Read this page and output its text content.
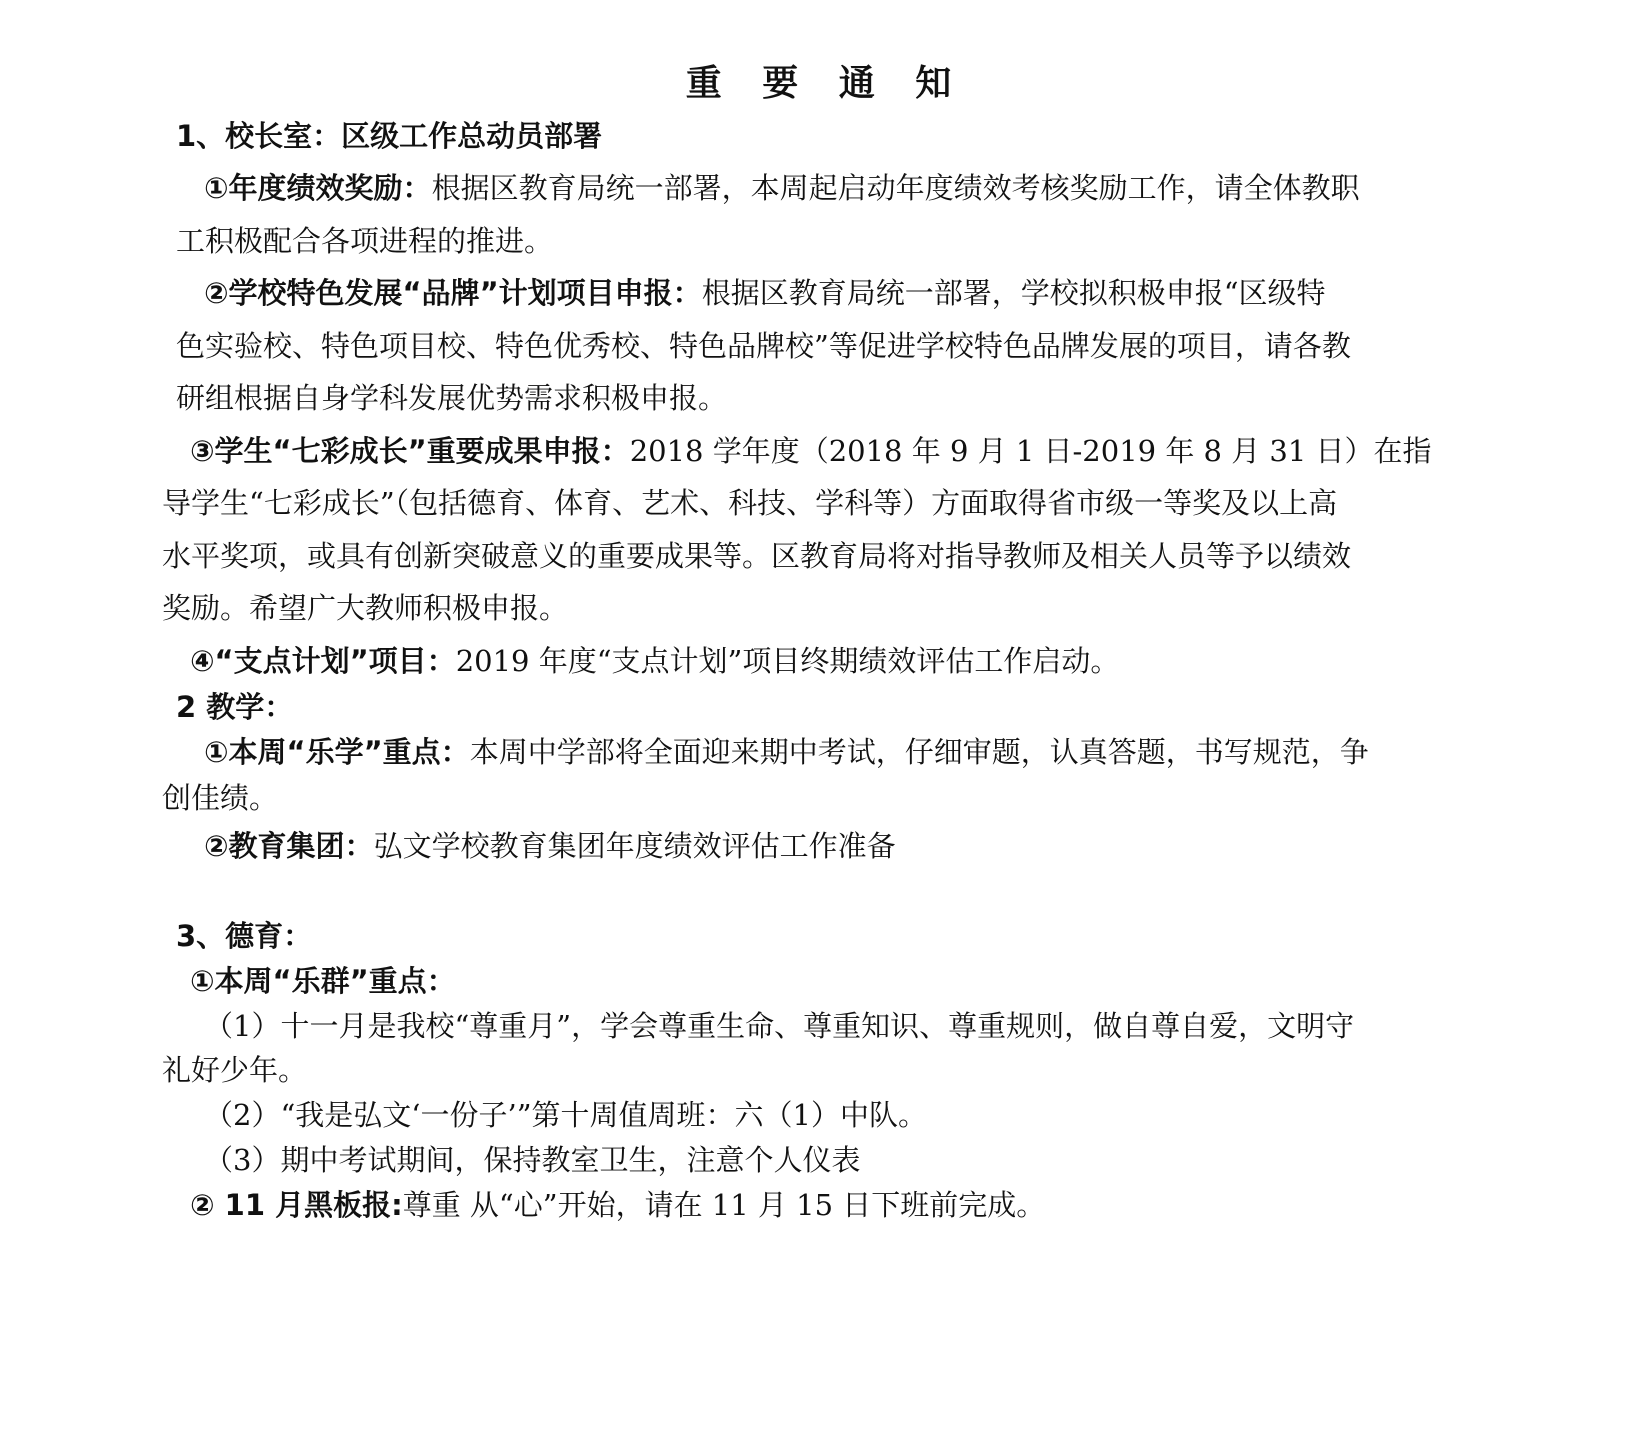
重 要 通 知
1、校长室：区级工作总动员部署
①年度绩效奖励：根据区教育局统一部署，本周起启动年度绩效考核奖励工作，请全体教职
工积极配合各项进程的推进。
②学校特色发展“品牌”计划项目申报：根据区教育局统一部署，学校拟积极申报“区级特
色实验校、特色项目校、特色优秀校、特色品牌校”等促进学校特色品牌发展的项目，请各教
研组根据自身学科发展优势需求积极申报。
③学生“七彩成长”重要成果申报：2018 学年度（2018 年 9 月 1 日-2019 年 8 月 31 日）在指
导学生“七彩成长”（包括德育、体育、艺术、科技、学科等）方面取得省市级一等奖及以上高
水平奖项，或具有创新突破意义的重要成果等。区教育局将对指导教师及相关人员等予以绩效
奖励。希望广大教师积极申报。
④“支点计划”项目：2019 年度“支点计划”项目终期绩效评估工作启动。
2 教学：
①本周“乐学”重点：本周中学部将全面迎来期中考试，仔细审题，认真答题，书写规范，争
创佳绩。
②教育集团：弘文学校教育集团年度绩效评估工作准备
3、德育：
①本周“乐群”重点：
（1）十一月是我校“尊重月”，学会尊重生命、尊重知识、尊重规则，做自尊自爱，文明守
礼好少年。
（2）“我是弘文‘一份子’”第十周值周班：六（1）中队。
（3）期中考试期间，保持教室卫生，注意个人仪表
② 11 月黑板报:尊重 从“心”开始，请在 11 月 15 日下班前完成。
